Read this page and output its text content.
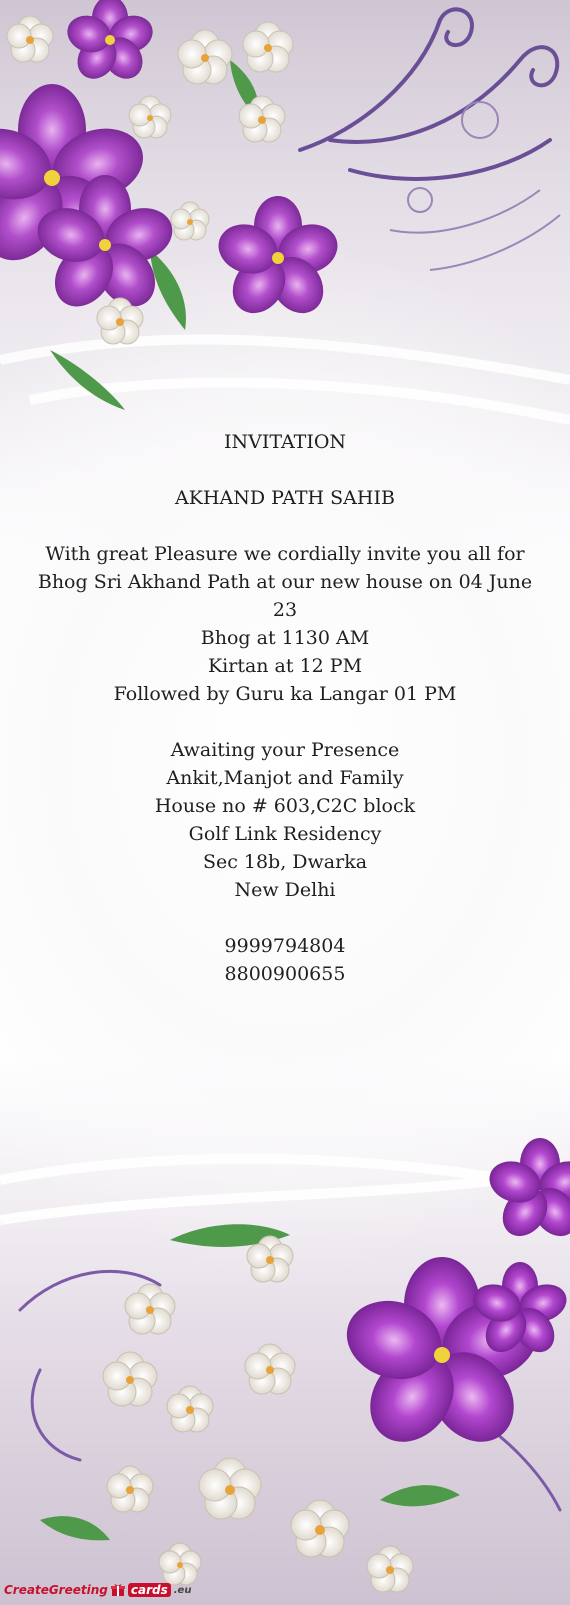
INVITATION

AKHAND PATH SAHIB

With great Pleasure we cordially invite you all for

Bhog Sri Akhand Path at our new house on 04 June

23

Bhog at 1130 AM

Kirtan at 12 PM

Followed by Guru ka Langar 01 PM

Awaiting your Presence

Ankit,Manjot and Family

House no # 603,C2C block

Golf Link Residency

Sec 18b, Dwarka

New Delhi

9999794804

8800900655

CreateGreeting cards .eu
